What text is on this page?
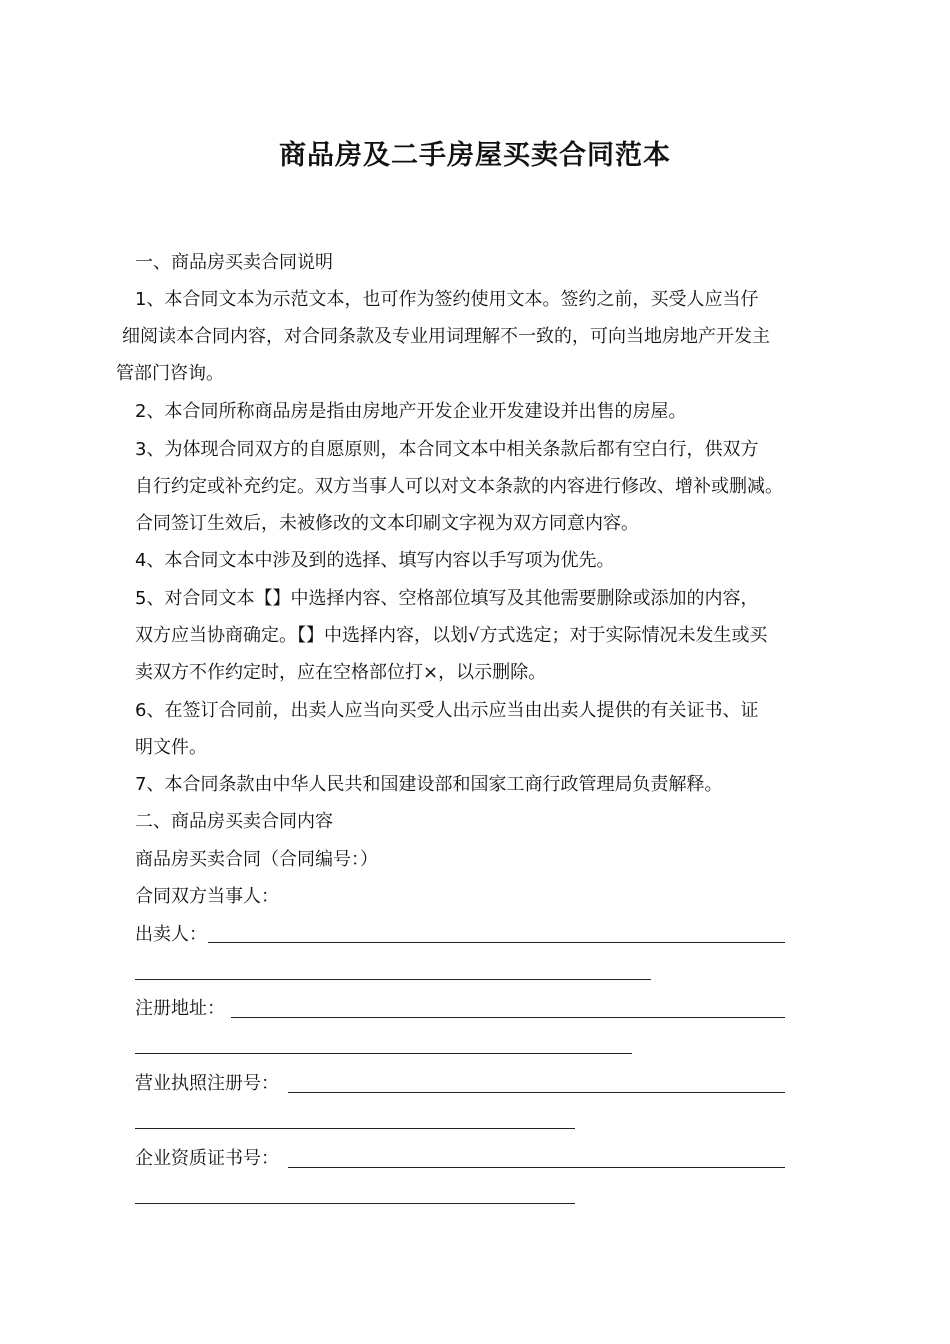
商品房及二手房屋买卖合同范本
一、商品房买卖合同说明
1、本合同文本为示范文本，也可作为签约使用文本。签约之前，买受人应当仔
细阅读本合同内容，对合同条款及专业用词理解不一致的，可向当地房地产开发主
管部门咨询。
2、本合同所称商品房是指由房地产开发企业开发建设并出售的房屋。
3、为体现合同双方的自愿原则，本合同文本中相关条款后都有空白行，供双方
自行约定或补充约定。双方当事人可以对文本条款的内容进行修改、增补或删减。
合同签订生效后，未被修改的文本印刷文字视为双方同意内容。
4、本合同文本中涉及到的选择、填写内容以手写项为优先。
5、对合同文本【】中选择内容、空格部位填写及其他需要删除或添加的内容，
双方应当协商确定。【】中选择内容，以划√方式选定；对于实际情况未发生或买
卖双方不作约定时，应在空格部位打×，以示删除。
6、在签订合同前，出卖人应当向买受人出示应当由出卖人提供的有关证书、证
明文件。
7、本合同条款由中华人民共和国建设部和国家工商行政管理局负责解释。
二、商品房买卖合同内容
商品房买卖合同（合同编号：）
合同双方当事人：
出卖人：
注册地址：
营业执照注册号：
企业资质证书号：
